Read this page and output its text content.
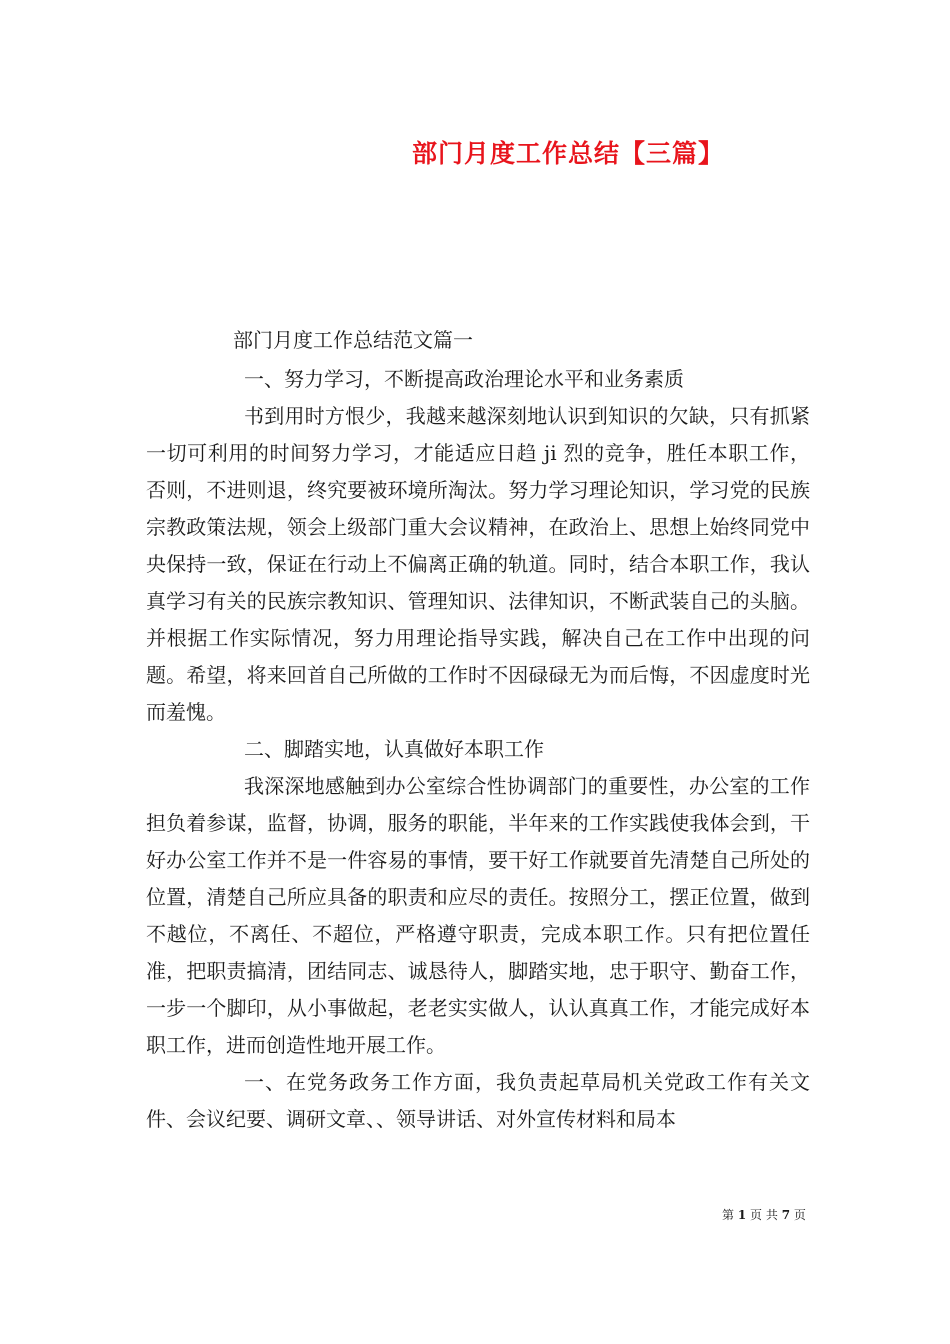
部门月度工作总结【三篇】
部门月度工作总结范文篇一
一、努力学习，不断提高政治理论水平和业务素质
书到用时方恨少，我越来越深刻地认识到知识的欠缺，只有抓紧一切可利用的时间努力学习，才能适应日趋 ji 烈的竞争，胜任本职工作，否则，不进则退，终究要被环境所淘汰。努力学习理论知识，学习党的民族宗教政策法规，领会上级部门重大会议精神，在政治上、思想上始终同党中央保持一致，保证在行动上不偏离正确的轨道。同时，结合本职工作，我认真学习有关的民族宗教知识、管理知识、法律知识，不断武装自己的头脑。并根据工作实际情况，努力用理论指导实践，解决自己在工作中出现的问题。希望，将来回首自己所做的工作时不因碌碌无为而后悔，不因虚度时光而羞愧。
二、脚踏实地，认真做好本职工作
我深深地感触到办公室综合性协调部门的重要性，办公室的工作担负着参谋，监督，协调，服务的职能，半年来的工作实践使我体会到，干好办公室工作并不是一件容易的事情，要干好工作就要首先清楚自己所处的位置，清楚自己所应具备的职责和应尽的责任。按照分工，摆正位置，做到不越位，不离任、不超位，严格遵守职责，完成本职工作。只有把位置任准，把职责搞清，团结同志、诚恳待人，脚踏实地，忠于职守、勤奋工作，一步一个脚印，从小事做起，老老实实做人，认认真真工作，才能完成好本职工作，进而创造性地开展工作。
一、在党务政务工作方面，我负责起草局机关党政工作有关文件、会议纪要、调研文章、、领导讲话、对外宣传材料和局本
第 1 页 共 7 页
